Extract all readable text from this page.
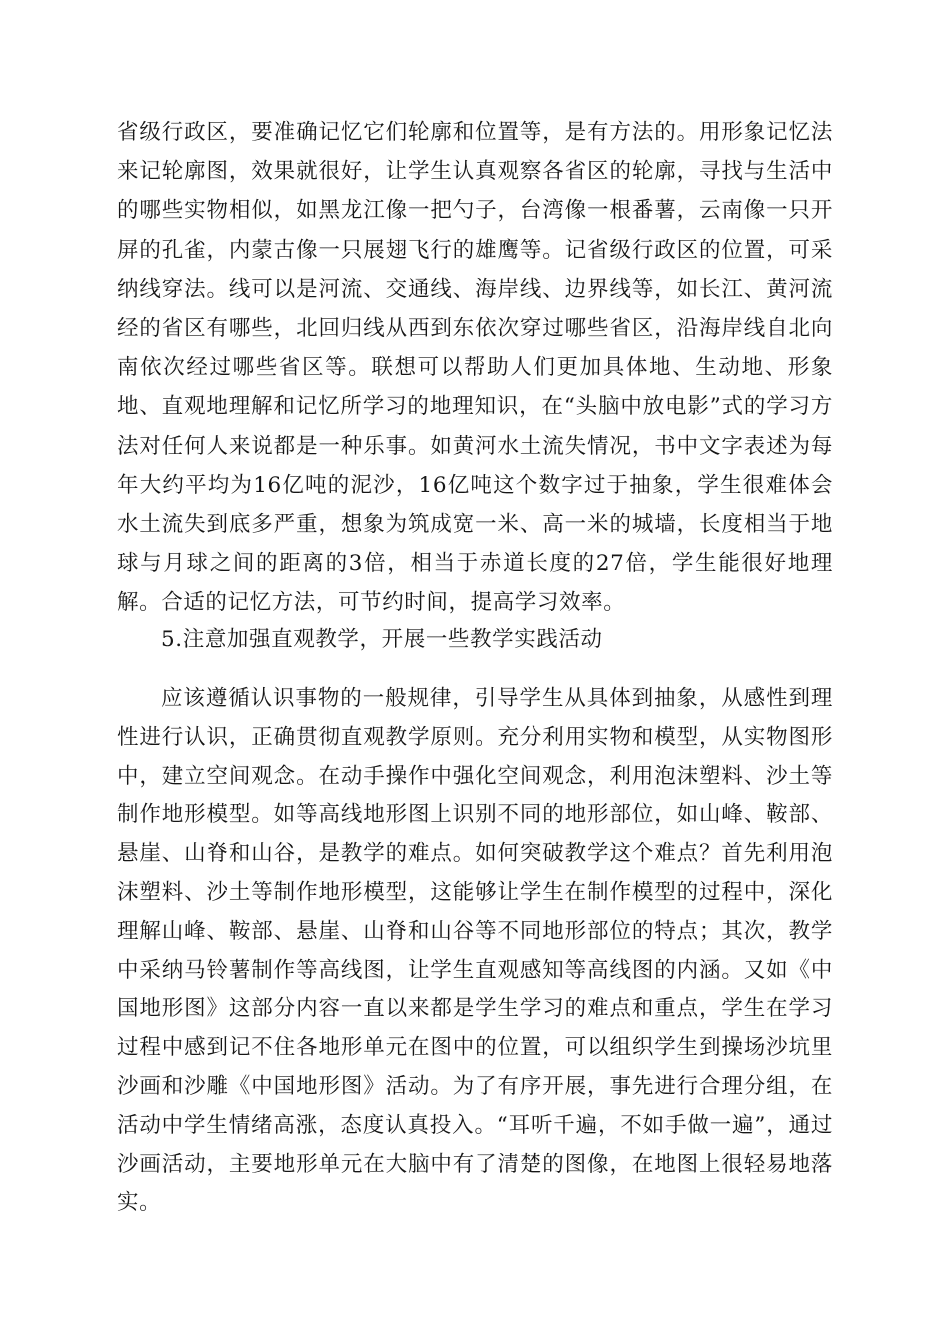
省级行政区，要准确记忆它们轮廓和位置等，是有方法的。用形象记忆法来记轮廓图，效果就很好，让学生认真观察各省区的轮廓，寻找与生活中的哪些实物相似，如黑龙江像一把勺子，台湾像一根番薯，云南像一只开屏的孔雀，内蒙古像一只展翅飞行的雄鹰等。记省级行政区的位置，可采纳线穿法。线可以是河流、交通线、海岸线、边界线等，如长江、黄河流经的省区有哪些，北回归线从西到东依次穿过哪些省区，沿海岸线自北向南依次经过哪些省区等。联想可以帮助人们更加具体地、生动地、形象地、直观地理解和记忆所学习的地理知识，在“头脑中放电影”式的学习方法对任何人来说都是一种乐事。如黄河水土流失情况，书中文字表述为每年大约平均为16亿吨的泥沙，16亿吨这个数字过于抽象，学生很难体会水土流失到底多严重，想象为筑成宽一米、高一米的城墙，长度相当于地球与月球之间的距离的3倍，相当于赤道长度的27倍，学生能很好地理解。合适的记忆方法，可节约时间，提高学习效率。

5.注意加强直观教学，开展一些教学实践活动

应该遵循认识事物的一般规律，引导学生从具体到抽象，从感性到理性进行认识，正确贯彻直观教学原则。充分利用实物和模型，从实物图形中，建立空间观念。在动手操作中强化空间观念，利用泡沫塑料、沙土等制作地形模型。如等高线地形图上识别不同的地形部位，如山峰、鞍部、悬崖、山脊和山谷，是教学的难点。如何突破教学这个难点？首先利用泡沫塑料、沙土等制作地形模型，这能够让学生在制作模型的过程中，深化理解山峰、鞍部、悬崖、山脊和山谷等不同地形部位的特点；其次，教学中采纳马铃薯制作等高线图，让学生直观感知等高线图的内涵。又如《中国地形图》这部分内容一直以来都是学生学习的难点和重点，学生在学习过程中感到记不住各地形单元在图中的位置，可以组织学生到操场沙坑里沙画和沙雕《中国地形图》活动。为了有序开展，事先进行合理分组，在活动中学生情绪高涨，态度认真投入。“耳听千遍，不如手做一遍”，通过沙画活动，主要地形单元在大脑中有了清楚的图像，在地图上很轻易地落实。
